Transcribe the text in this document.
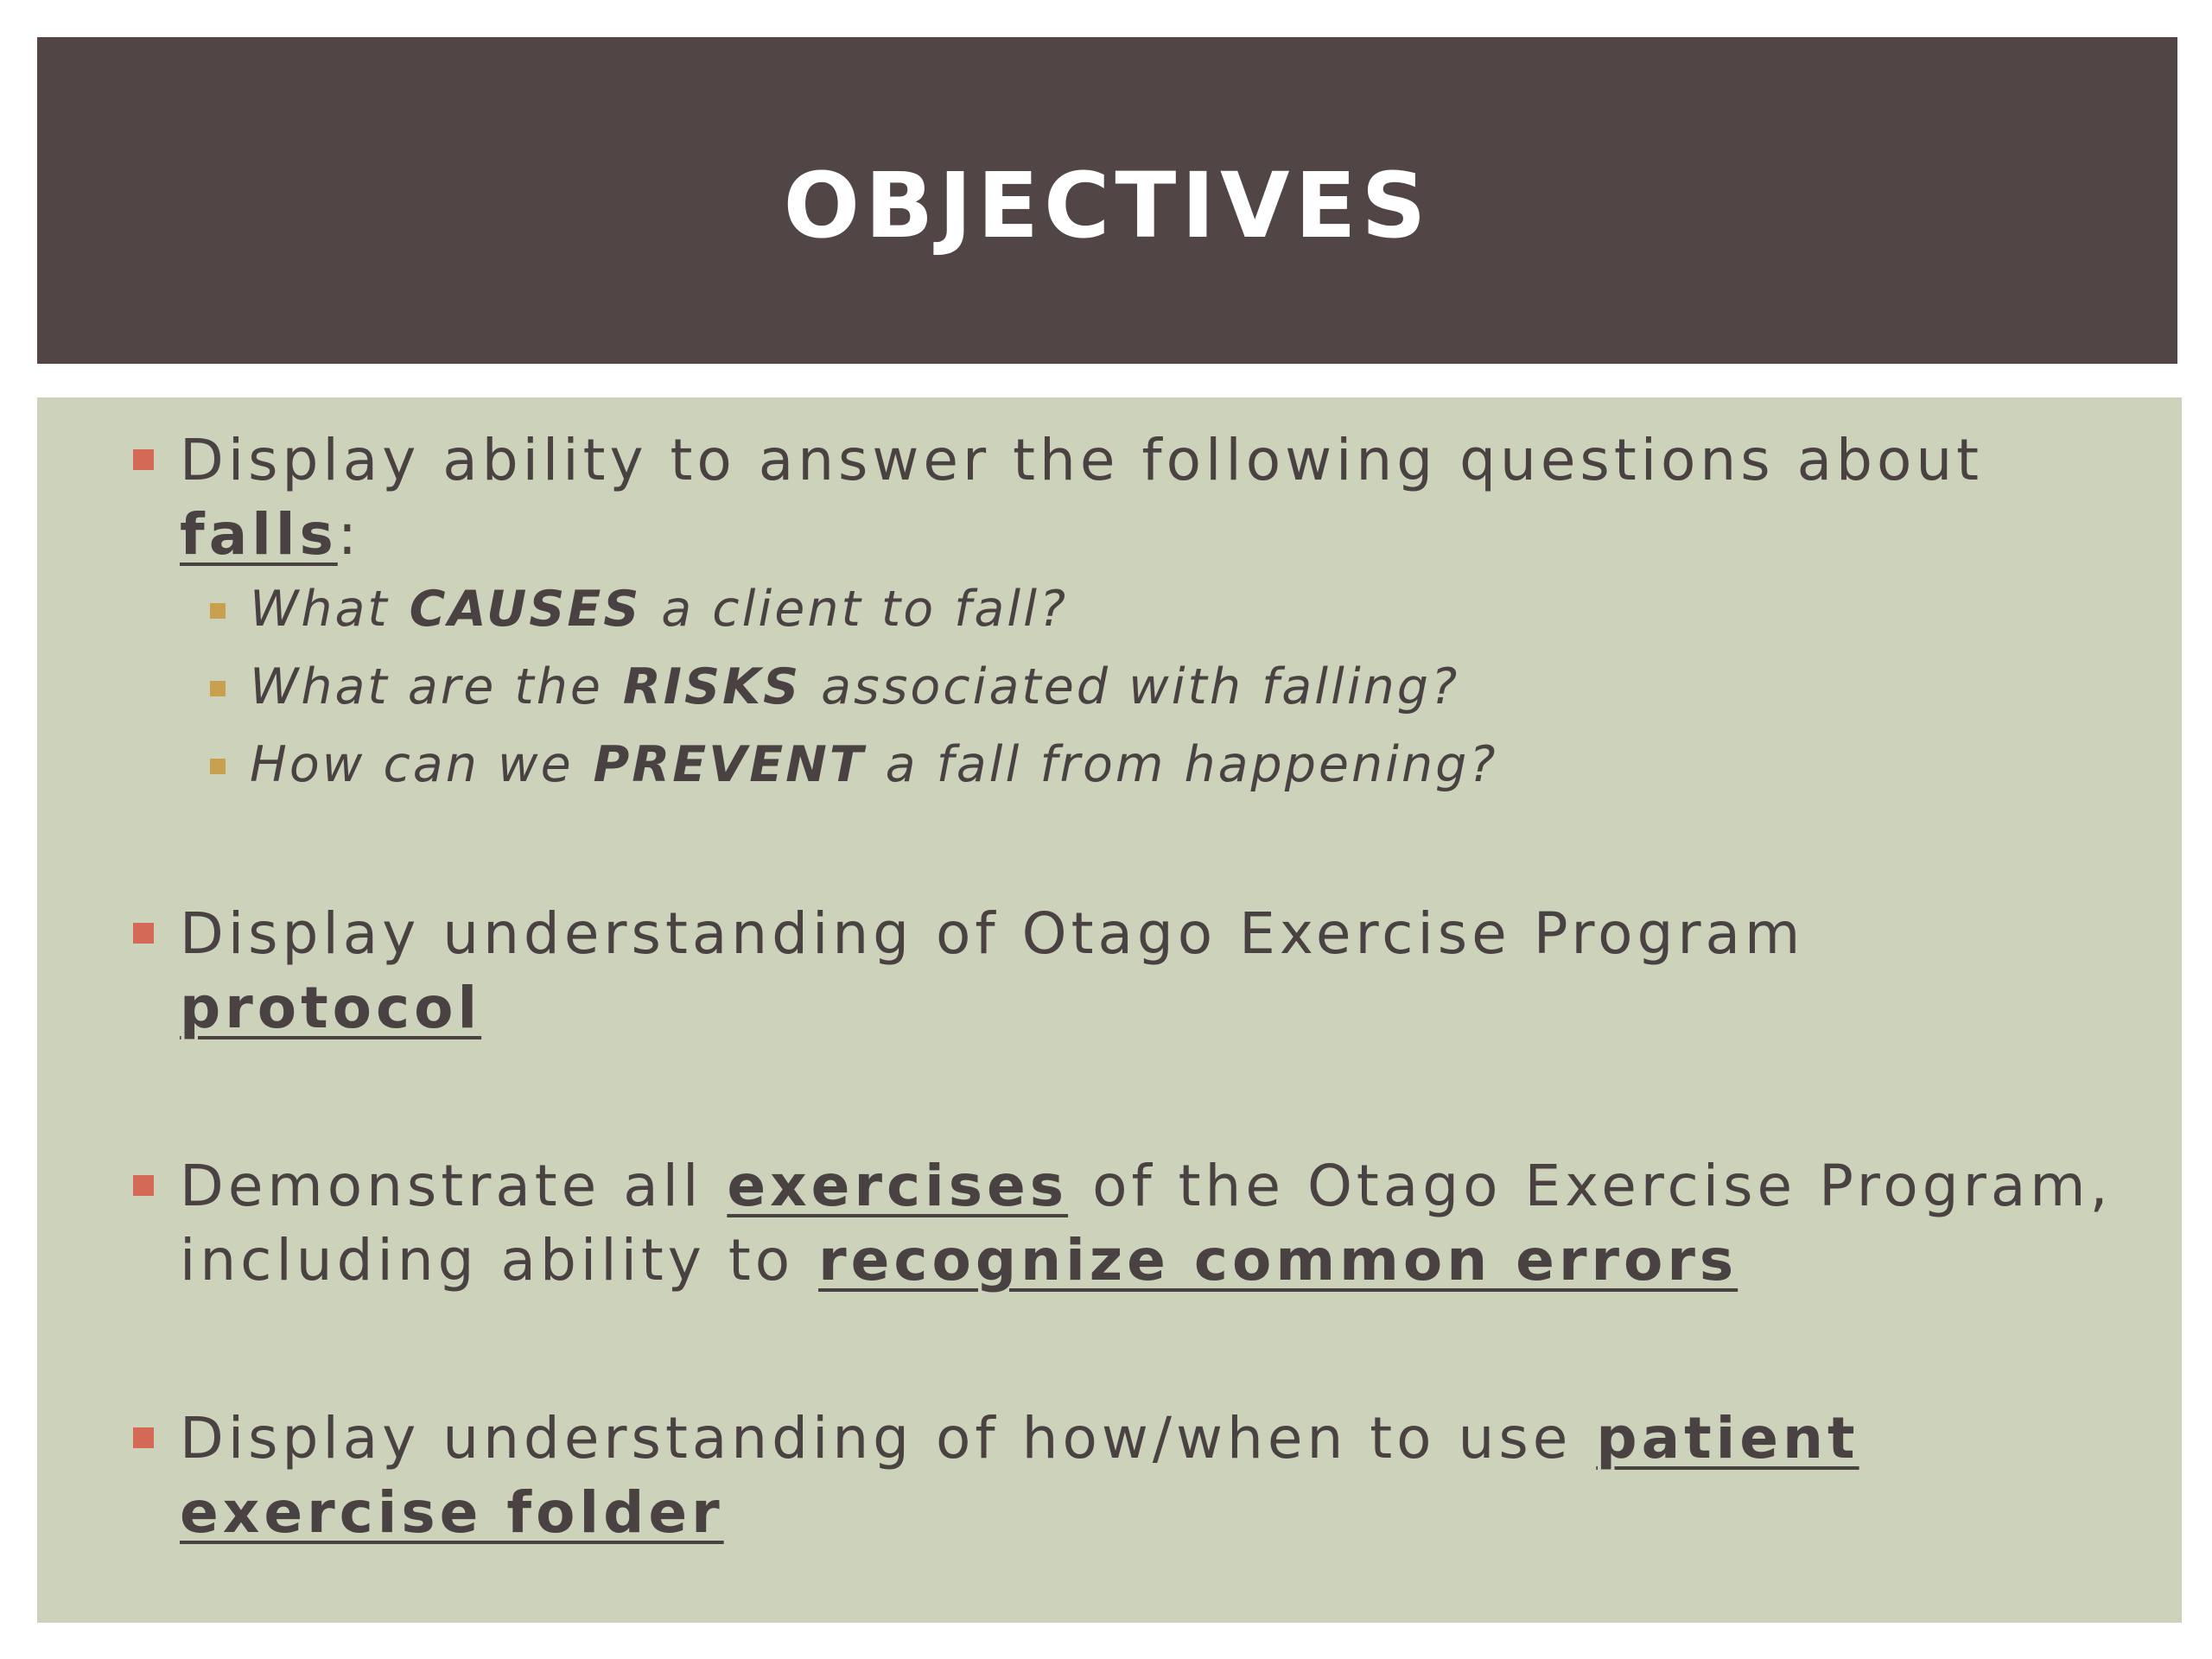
OBJECTIVES
Display ability to answer the following questions about
falls:
What CAUSES a client to fall?
What are the RISKS associated with falling?
How can we PREVENT a fall from happening?
Display understanding of Otago Exercise Program
protocol
Demonstrate all exercises of the Otago Exercise Program,
including ability to recognize common errors
Display understanding of how/when to use patient
exercise folder
